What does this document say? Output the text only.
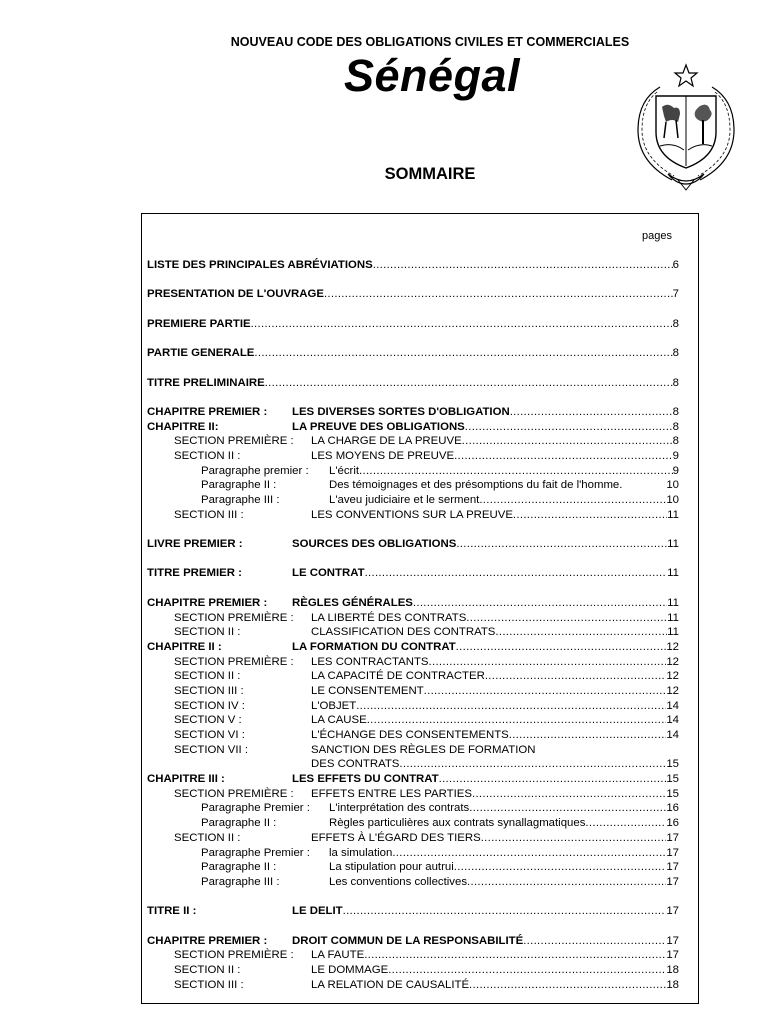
NOUVEAU CODE DES OBLIGATIONS CIVILES ET COMMERCIALES
Sénégal
SOMMAIRE
pages
LISTE DES PRINCIPALES ABRÉVIATIONS .....	6
PRESENTATION DE L'OUVRAGE .....	7
PREMIERE PARTIE .....	8
PARTIE GENERALE .....	8
TITRE PRELIMINAIRE .....	8
CHAPITRE PREMIER :	LES DIVERSES SORTES D'OBLIGATION .....	8
CHAPITRE II:	LA PREUVE DES OBLIGATIONS .....	8
SECTION PREMIÈRE :	LA CHARGE DE LA PREUVE .....	8
SECTION II :	LES MOYENS DE PREUVE .....	9
Paragraphe premier :	L'écrit .....	9
Paragraphe II :	Des témoignages et des présomptions du fait de l'homme.	10
Paragraphe III :	L'aveu judiciaire et le serment .....	10
SECTION III :	LES CONVENTIONS SUR LA PREUVE .....	11
LIVRE PREMIER :	SOURCES DES OBLIGATIONS .....	11
TITRE PREMIER :	LE CONTRAT .....	11
CHAPITRE PREMIER :	RÈGLES GÉNÉRALES .....	11
SECTION PREMIÈRE :	LA LIBERTÉ DES CONTRATS .....	11
SECTION II :	CLASSIFICATION DES CONTRATS .....	11
CHAPITRE II :	LA FORMATION DU CONTRAT .....	12
SECTION PREMIÈRE :	LES CONTRACTANTS .....	12
SECTION II :	LA CAPACITÉ DE CONTRACTER .....	12
SECTION III :	LE CONSENTEMENT .....	12
SECTION IV :	L'OBJET .....	14
SECTION V :	LA CAUSE .....	14
SECTION VI :	L'ÉCHANGE DES CONSENTEMENTS .....	14
SECTION VII :	SANCTION DES RÈGLES DE FORMATION
DES CONTRATS .....	15
CHAPITRE III :	LES EFFETS DU CONTRAT .....	15
SECTION PREMIÈRE :	EFFETS ENTRE LES PARTIES .....	15
Paragraphe Premier :	L'interprétation des contrats .....	16
Paragraphe II :	Règles particulières aux contrats synallagmatiques .....	16
SECTION II :	EFFETS À L'ÉGARD DES TIERS .....	17
Paragraphe Premier :	la simulation .....	17
Paragraphe II :	La stipulation pour autrui .....	17
Paragraphe III :	Les conventions collectives .....	17
TITRE II :	LE DELIT .....	17
CHAPITRE PREMIER :	DROIT COMMUN DE LA RESPONSABILITÉ .....	17
SECTION PREMIÈRE :	LA FAUTE .....	17
SECTION II :	LE DOMMAGE .....	18
SECTION III :	LA RELATION DE CAUSALITÉ .....	18
